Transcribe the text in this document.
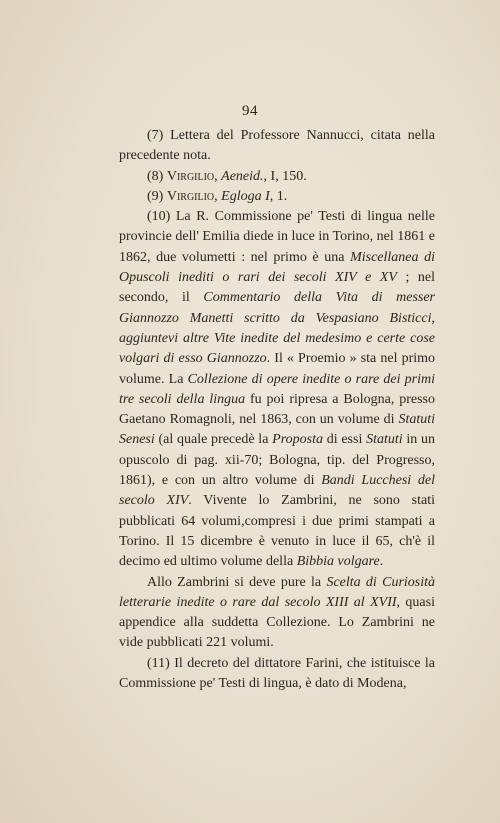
94

(7) Lettera del Professore Nannucci, citata nella precedente nota.

(8) Virgilio, Aeneid., I, 150.

(9) Virgilio, Egloga I, 1.

(10) La R. Commissione pe' Testi di lingua nelle provincie dell' Emilia diede in luce in Torino, nel 1861 e 1862, due volumetti : nel primo è una Miscellanea di Opuscoli inediti o rari dei secoli XIV e XV ; nel secondo, il Commentario della Vita di messer Giannozzo Manetti scritto da Vespasiano Bisticci, aggiuntevi altre Vite inedite del medesimo e certe cose volgari di esso Giannozzo. Il « Proemio » sta nel primo volume. La Collezione di opere inedite o rare dei primi tre secoli della lingua fu poi ripresa a Bologna, presso Gaetano Romagnoli, nel 1863, con un volume di Statuti Senesi (al quale precedè la Proposta di essi Statuti in un opuscolo di pag. xii-70; Bologna, tip. del Progresso, 1861), e con un altro volume di Bandi Lucchesi del secolo XIV. Vivente lo Zambrini, ne sono stati pubblicati 64 volumi,compresi i due primi stampati a Torino. Il 15 dicembre è venuto in luce il 65, ch'è il decimo ed ultimo volume della Bibbia volgare.

Allo Zambrini si deve pure la Scelta di Curiosità letterarie inedite o rare dal secolo XIII al XVII, quasi appendice alla suddetta Collezione. Lo Zambrini ne vide pubblicati 221 volumi.

(11) Il decreto del dittatore Farini, che istituisce la Commissione pe' Testi di lingua, è dato di Modena,
